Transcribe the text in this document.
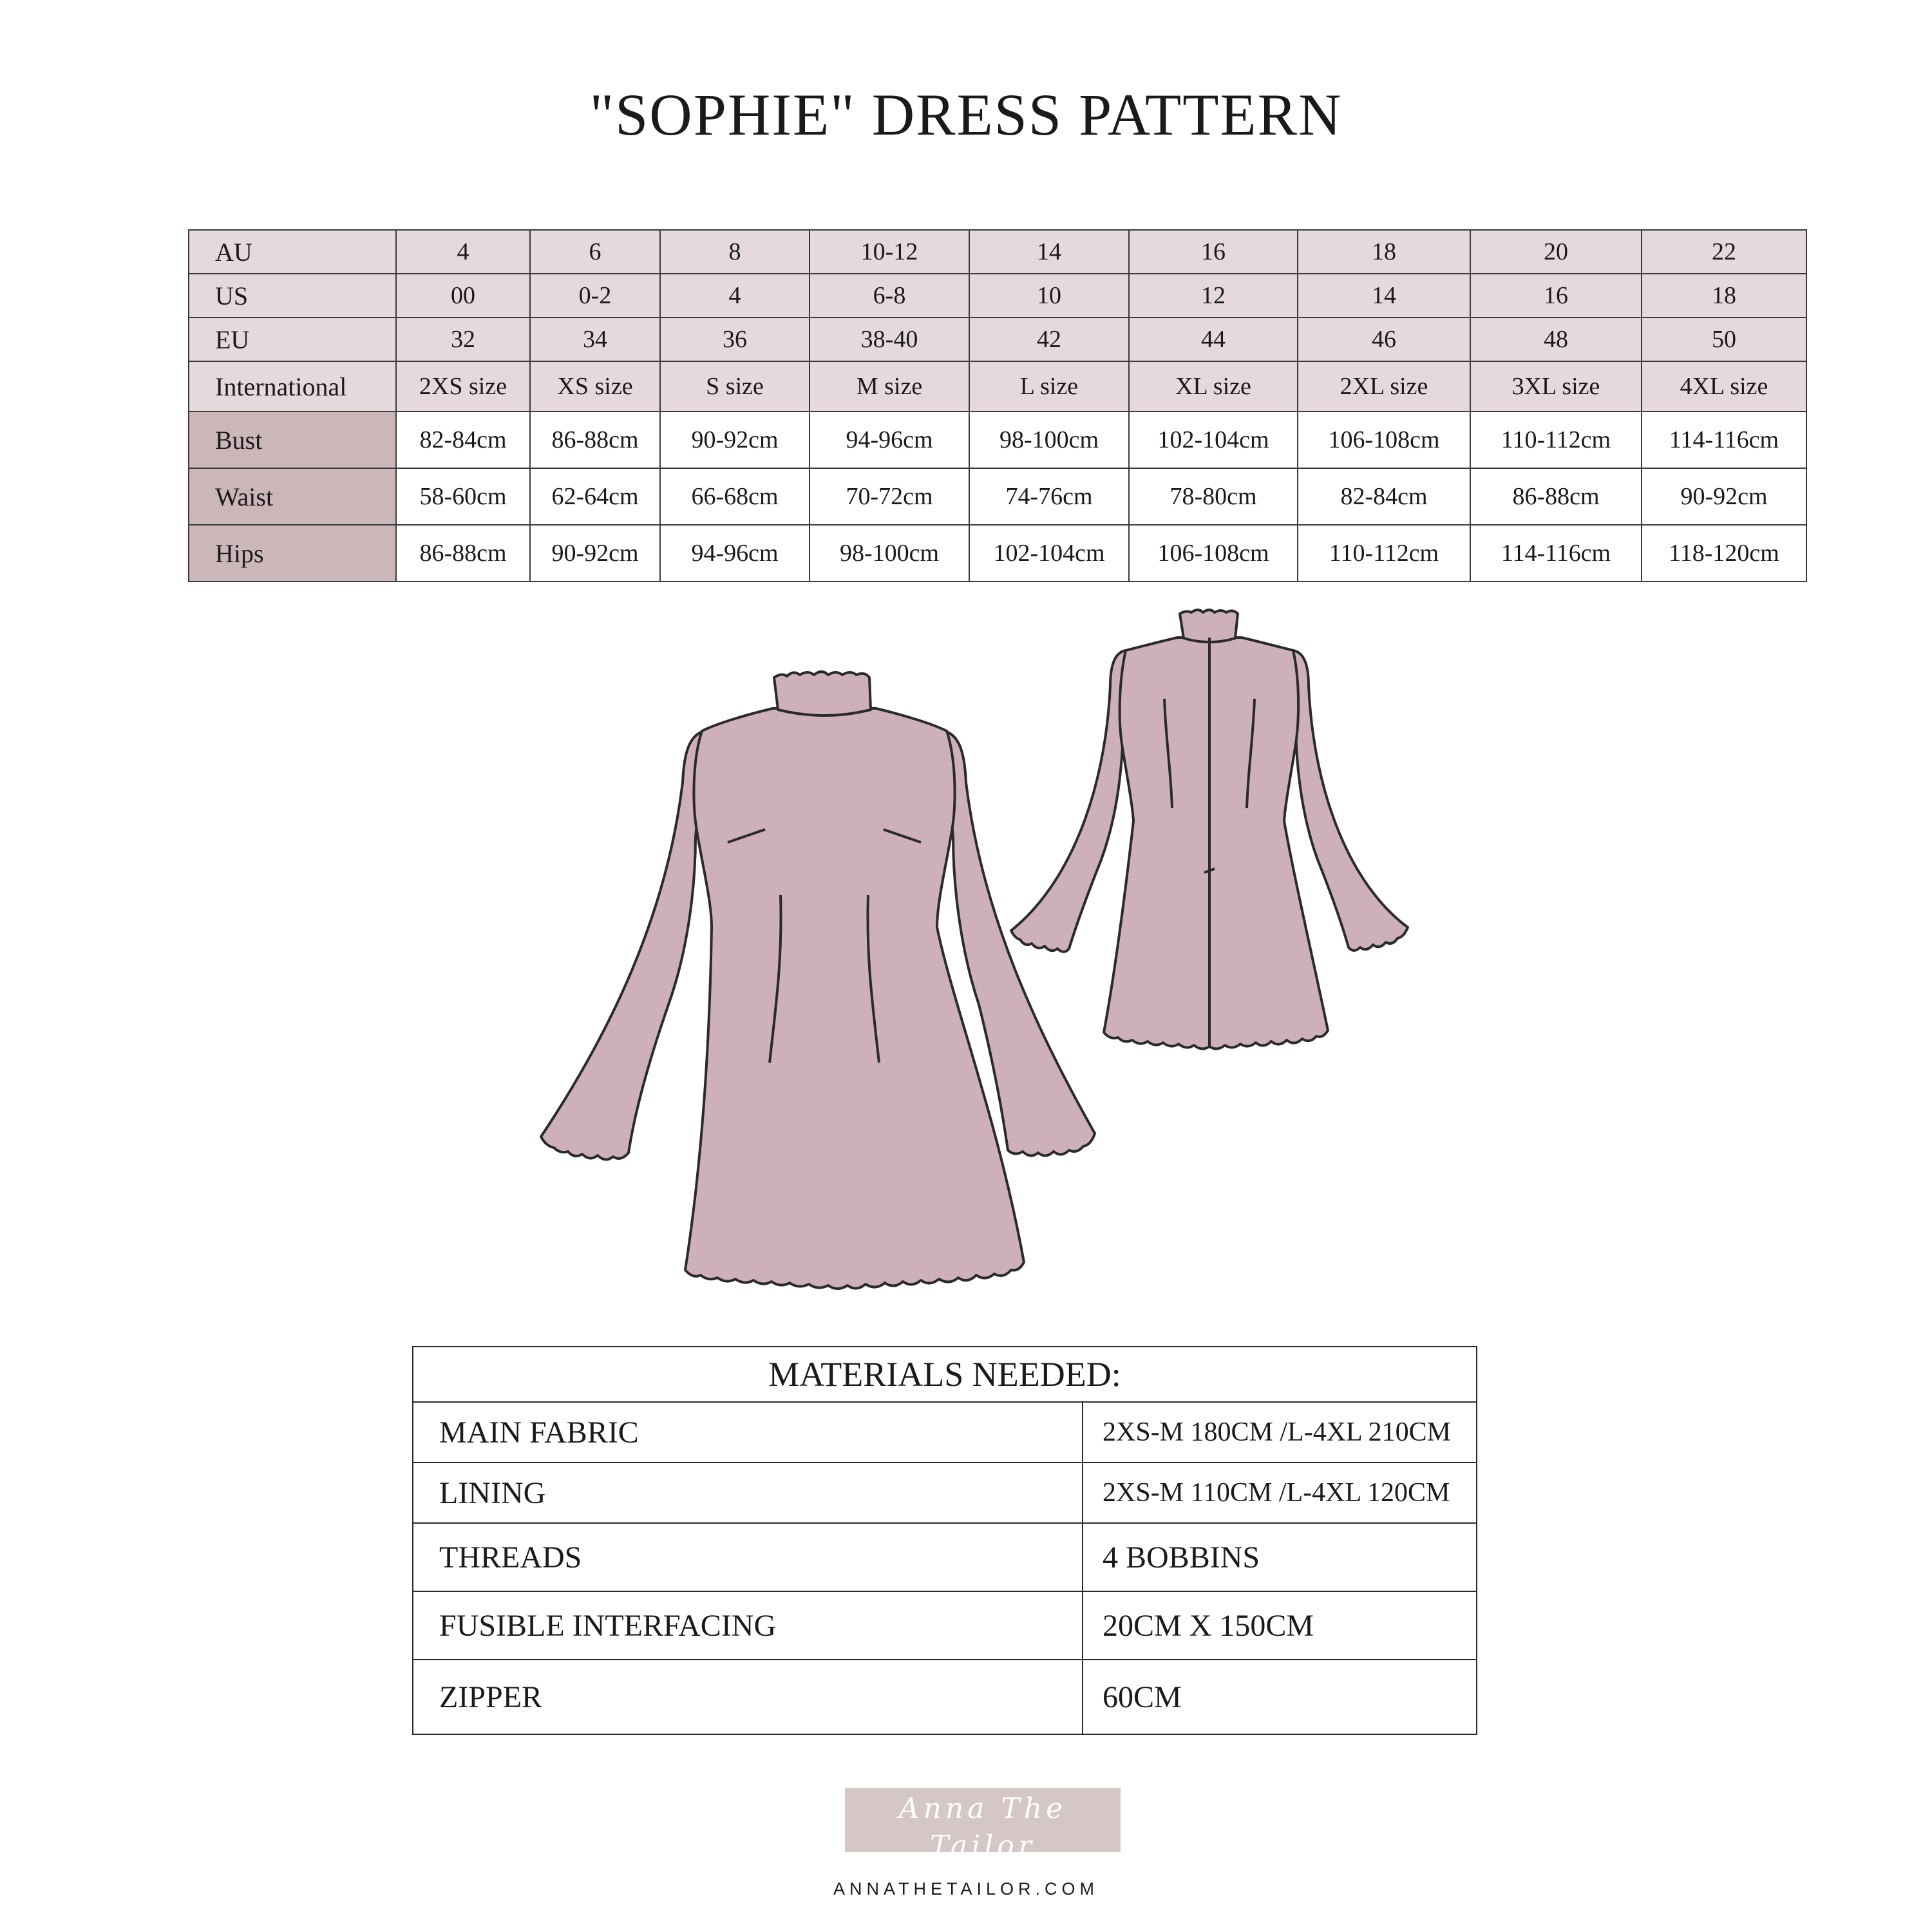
"SOPHIE" DRESS PATTERN
AU	4	6	8	10-12	14	16	18	20	22
US	00	0-2	4	6-8	10	12	14	16	18
EU	32	34	36	38-40	42	44	46	48	50
International	2XS size	XS size	S size	M size	L size	XL size	2XL size	3XL size	4XL size
Bust	82-84cm	86-88cm	90-92cm	94-96cm	98-100cm	102-104cm	106-108cm	110-112cm	114-116cm
Waist	58-60cm	62-64cm	66-68cm	70-72cm	74-76cm	78-80cm	82-84cm	86-88cm	90-92cm
Hips	86-88cm	90-92cm	94-96cm	98-100cm	102-104cm	106-108cm	110-112cm	114-116cm	118-120cm
MATERIALS NEEDED:	
MAIN FABRIC	2XS-M 180CM /L-4XL 210CM
LINING	2XS-M 110CM /L-4XL 120CM
THREADS	4 BOBBINS
FUSIBLE INTERFACING	20CM X 150CM
ZIPPER	60CM
Anna The Tailor
PATTERNS
ANNATHETAILOR.COM
